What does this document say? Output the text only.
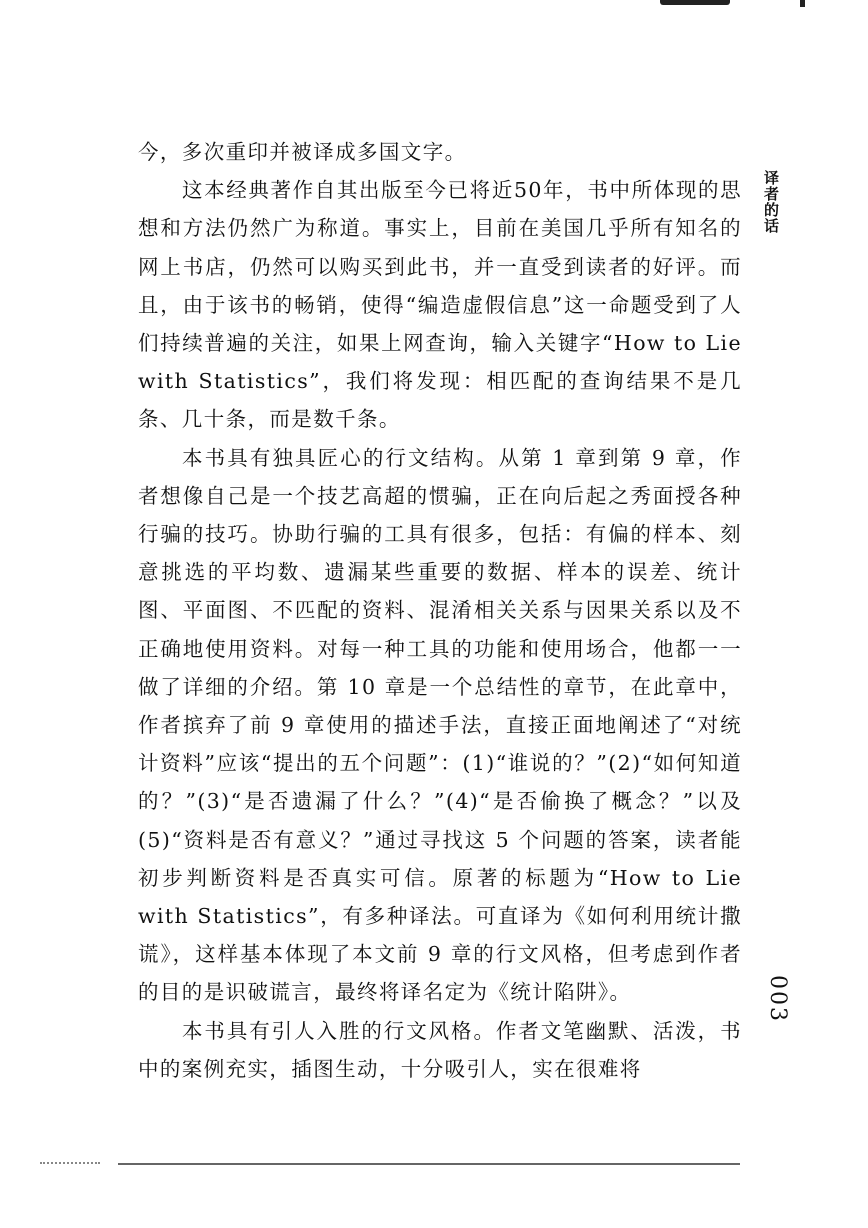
译者的话

今，多次重印并被译成多国文字。

这本经典著作自其出版至今已将近50年，书中所体现的思想和方法仍然广为称道。事实上，目前在美国几乎所有知名的网上书店，仍然可以购买到此书，并一直受到读者的好评。而且，由于该书的畅销，使得“编造虚假信息”这一命题受到了人们持续普遍的关注，如果上网查询，输入关键字“How to Lie with Statistics”，我们将发现：相匹配的查询结果不是几条、几十条，而是数千条。

本书具有独具匠心的行文结构。从第 1 章到第 9 章，作者想像自己是一个技艺高超的惯骗，正在向后起之秀面授各种行骗的技巧。协助行骗的工具有很多，包括：有偏的样本、刻意挑选的平均数、遗漏某些重要的数据、样本的误差、统计图、平面图、不匹配的资料、混淆相关关系与因果关系以及不正确地使用资料。对每一种工具的功能和使用场合，他都一一做了详细的介绍。第 10 章是一个总结性的章节，在此章中，作者摈弃了前 9 章使用的描述手法，直接正面地阐述了“对统计资料”应该“提出的五个问题”：(1)“谁说的？”(2)“如何知道的？”(3)“是否遗漏了什么？”(4)“是否偷换了概念？”以及(5)“资料是否有意义？”通过寻找这 5 个问题的答案，读者能初步判断资料是否真实可信。原著的标题为“How to Lie with Statistics”，有多种译法。可直译为《如何利用统计撒谎》，这样基本体现了本文前 9 章的行文风格，但考虑到作者的目的是识破谎言，最终将译名定为《统计陷阱》。

本书具有引人入胜的行文风格。作者文笔幽默、活泼，书中的案例充实，插图生动，十分吸引人，实在很难将

003
